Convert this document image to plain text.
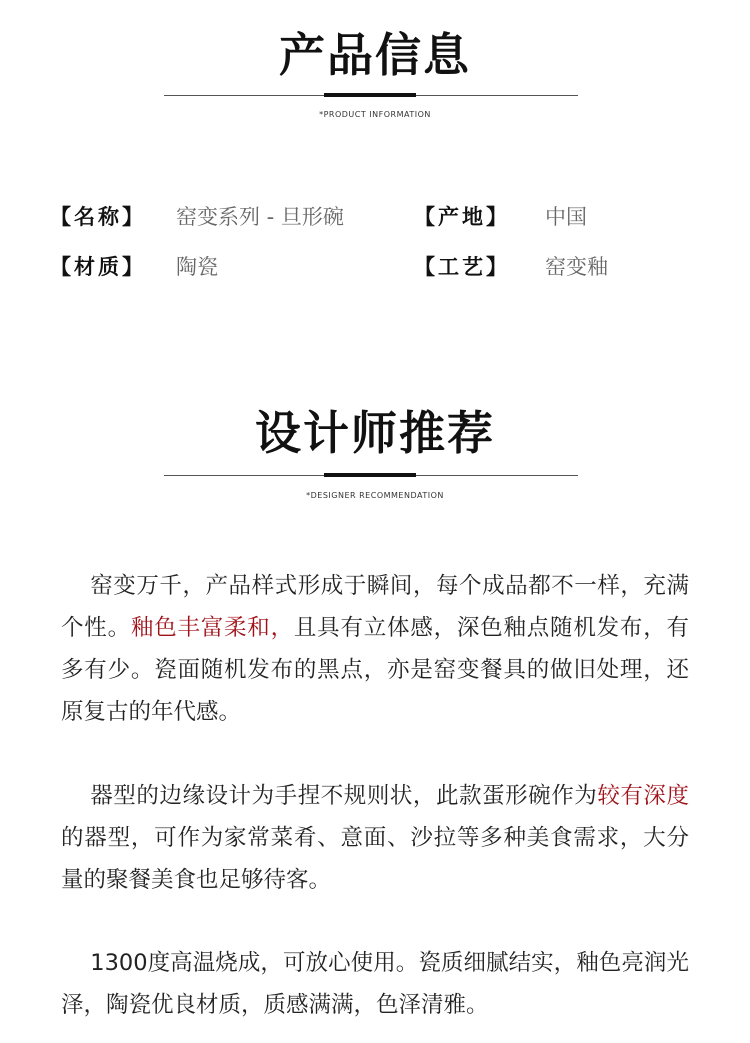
产品信息
*PRODUCT INFORMATION
【名称】 窑变系列 - 旦形碗	【产地】 中国
【材质】 陶瓷	【工艺】 窑变釉
设计师推荐
*DESIGNER RECOMMENDATION

窑变万千，产品样式形成于瞬间，每个成品都不一样，充满个性。釉色丰富柔和，且具有立体感，深色釉点随机发布，有多有少。瓷面随机发布的黑点，亦是窑变餐具的做旧处理，还原复古的年代感。

器型的边缘设计为手捏不规则状，此款蛋形碗作为较有深度的器型，可作为家常菜肴、意面、沙拉等多种美食需求，大分量的聚餐美食也足够待客。

1300度高温烧成，可放心使用。瓷质细腻结实，釉色亮润光泽，陶瓷优良材质，质感满满，色泽清雅。
